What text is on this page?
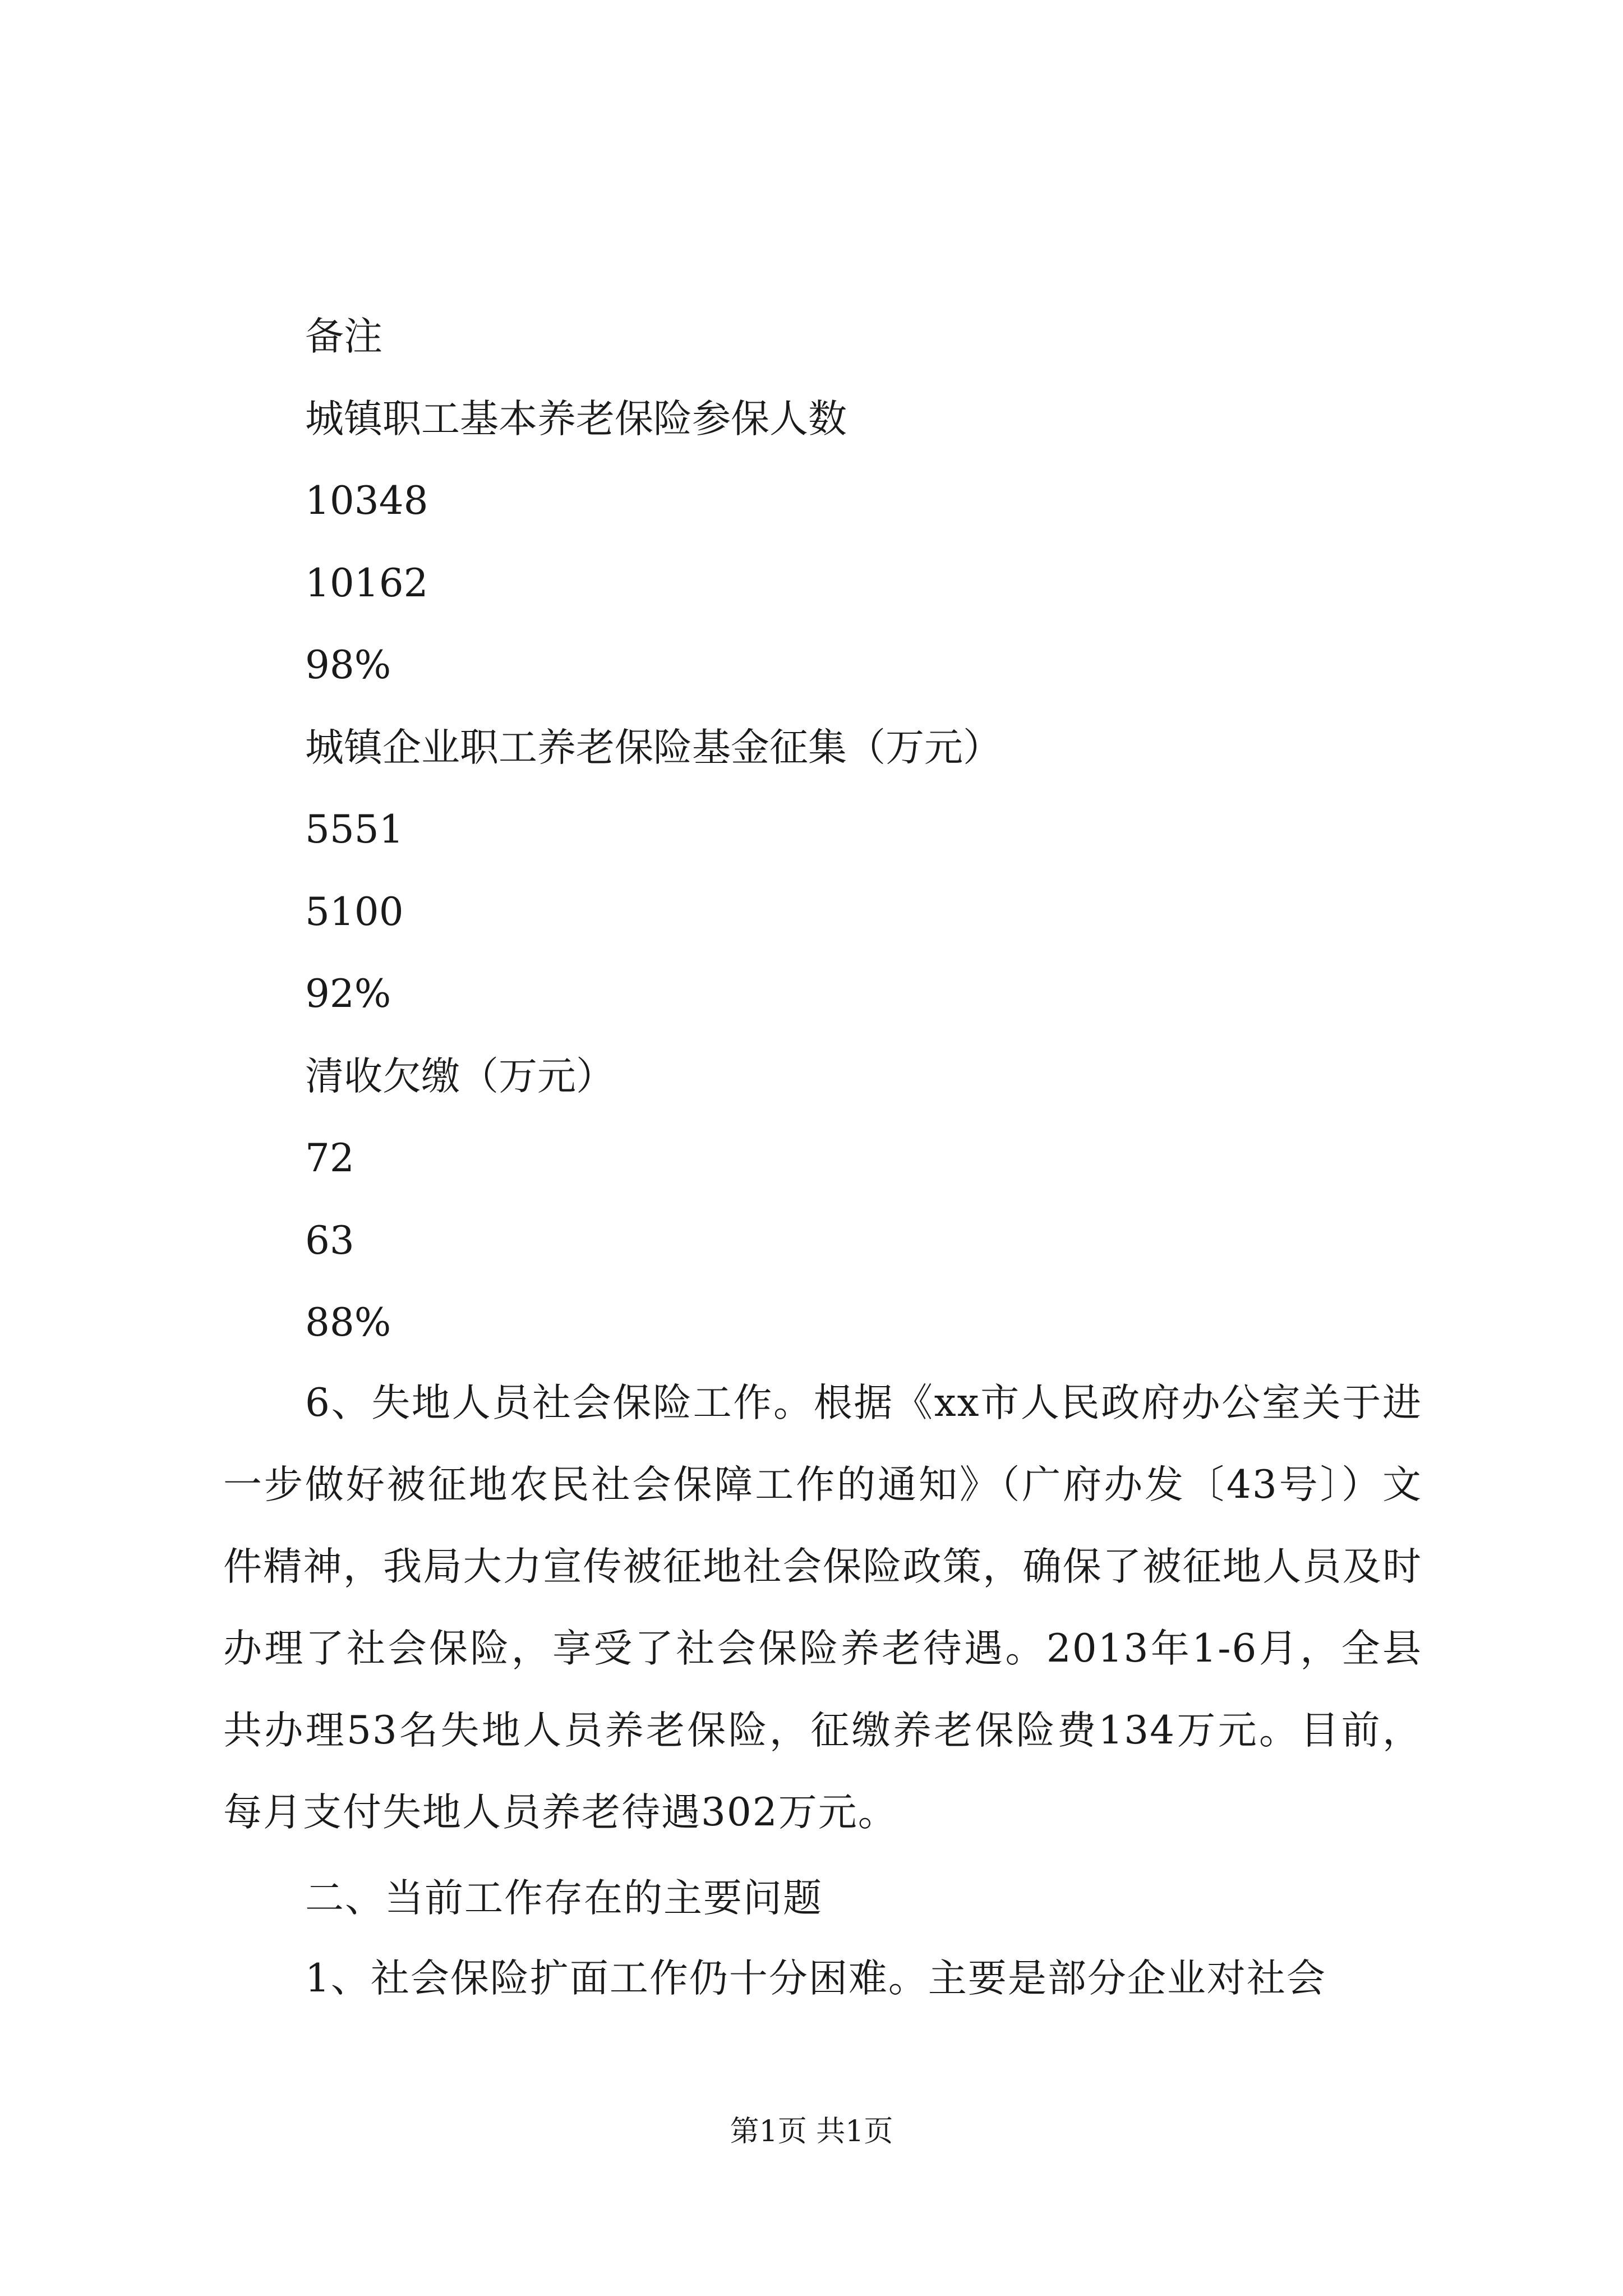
备注
城镇职工基本养老保险参保人数
10348
10162
98%
城镇企业职工养老保险基金征集（万元）
5551
5100
92%
清收欠缴（万元）
72
63
88%

6、失地人员社会保险工作。根据《xx市人民政府办公室关于进一步做好被征地农民社会保障工作的通知》（广府办发〔43号〕）文件精神，我局大力宣传被征地社会保险政策，确保了被征地人员及时办理了社会保险，享受了社会保险养老待遇。2013年1-6月，全县共办理53名失地人员养老保险，征缴养老保险费134万元。目前，每月支付失地人员养老待遇302万元。

二、当前工作存在的主要问题

1、社会保险扩面工作仍十分困难。主要是部分企业对社会

第1页 共1页
